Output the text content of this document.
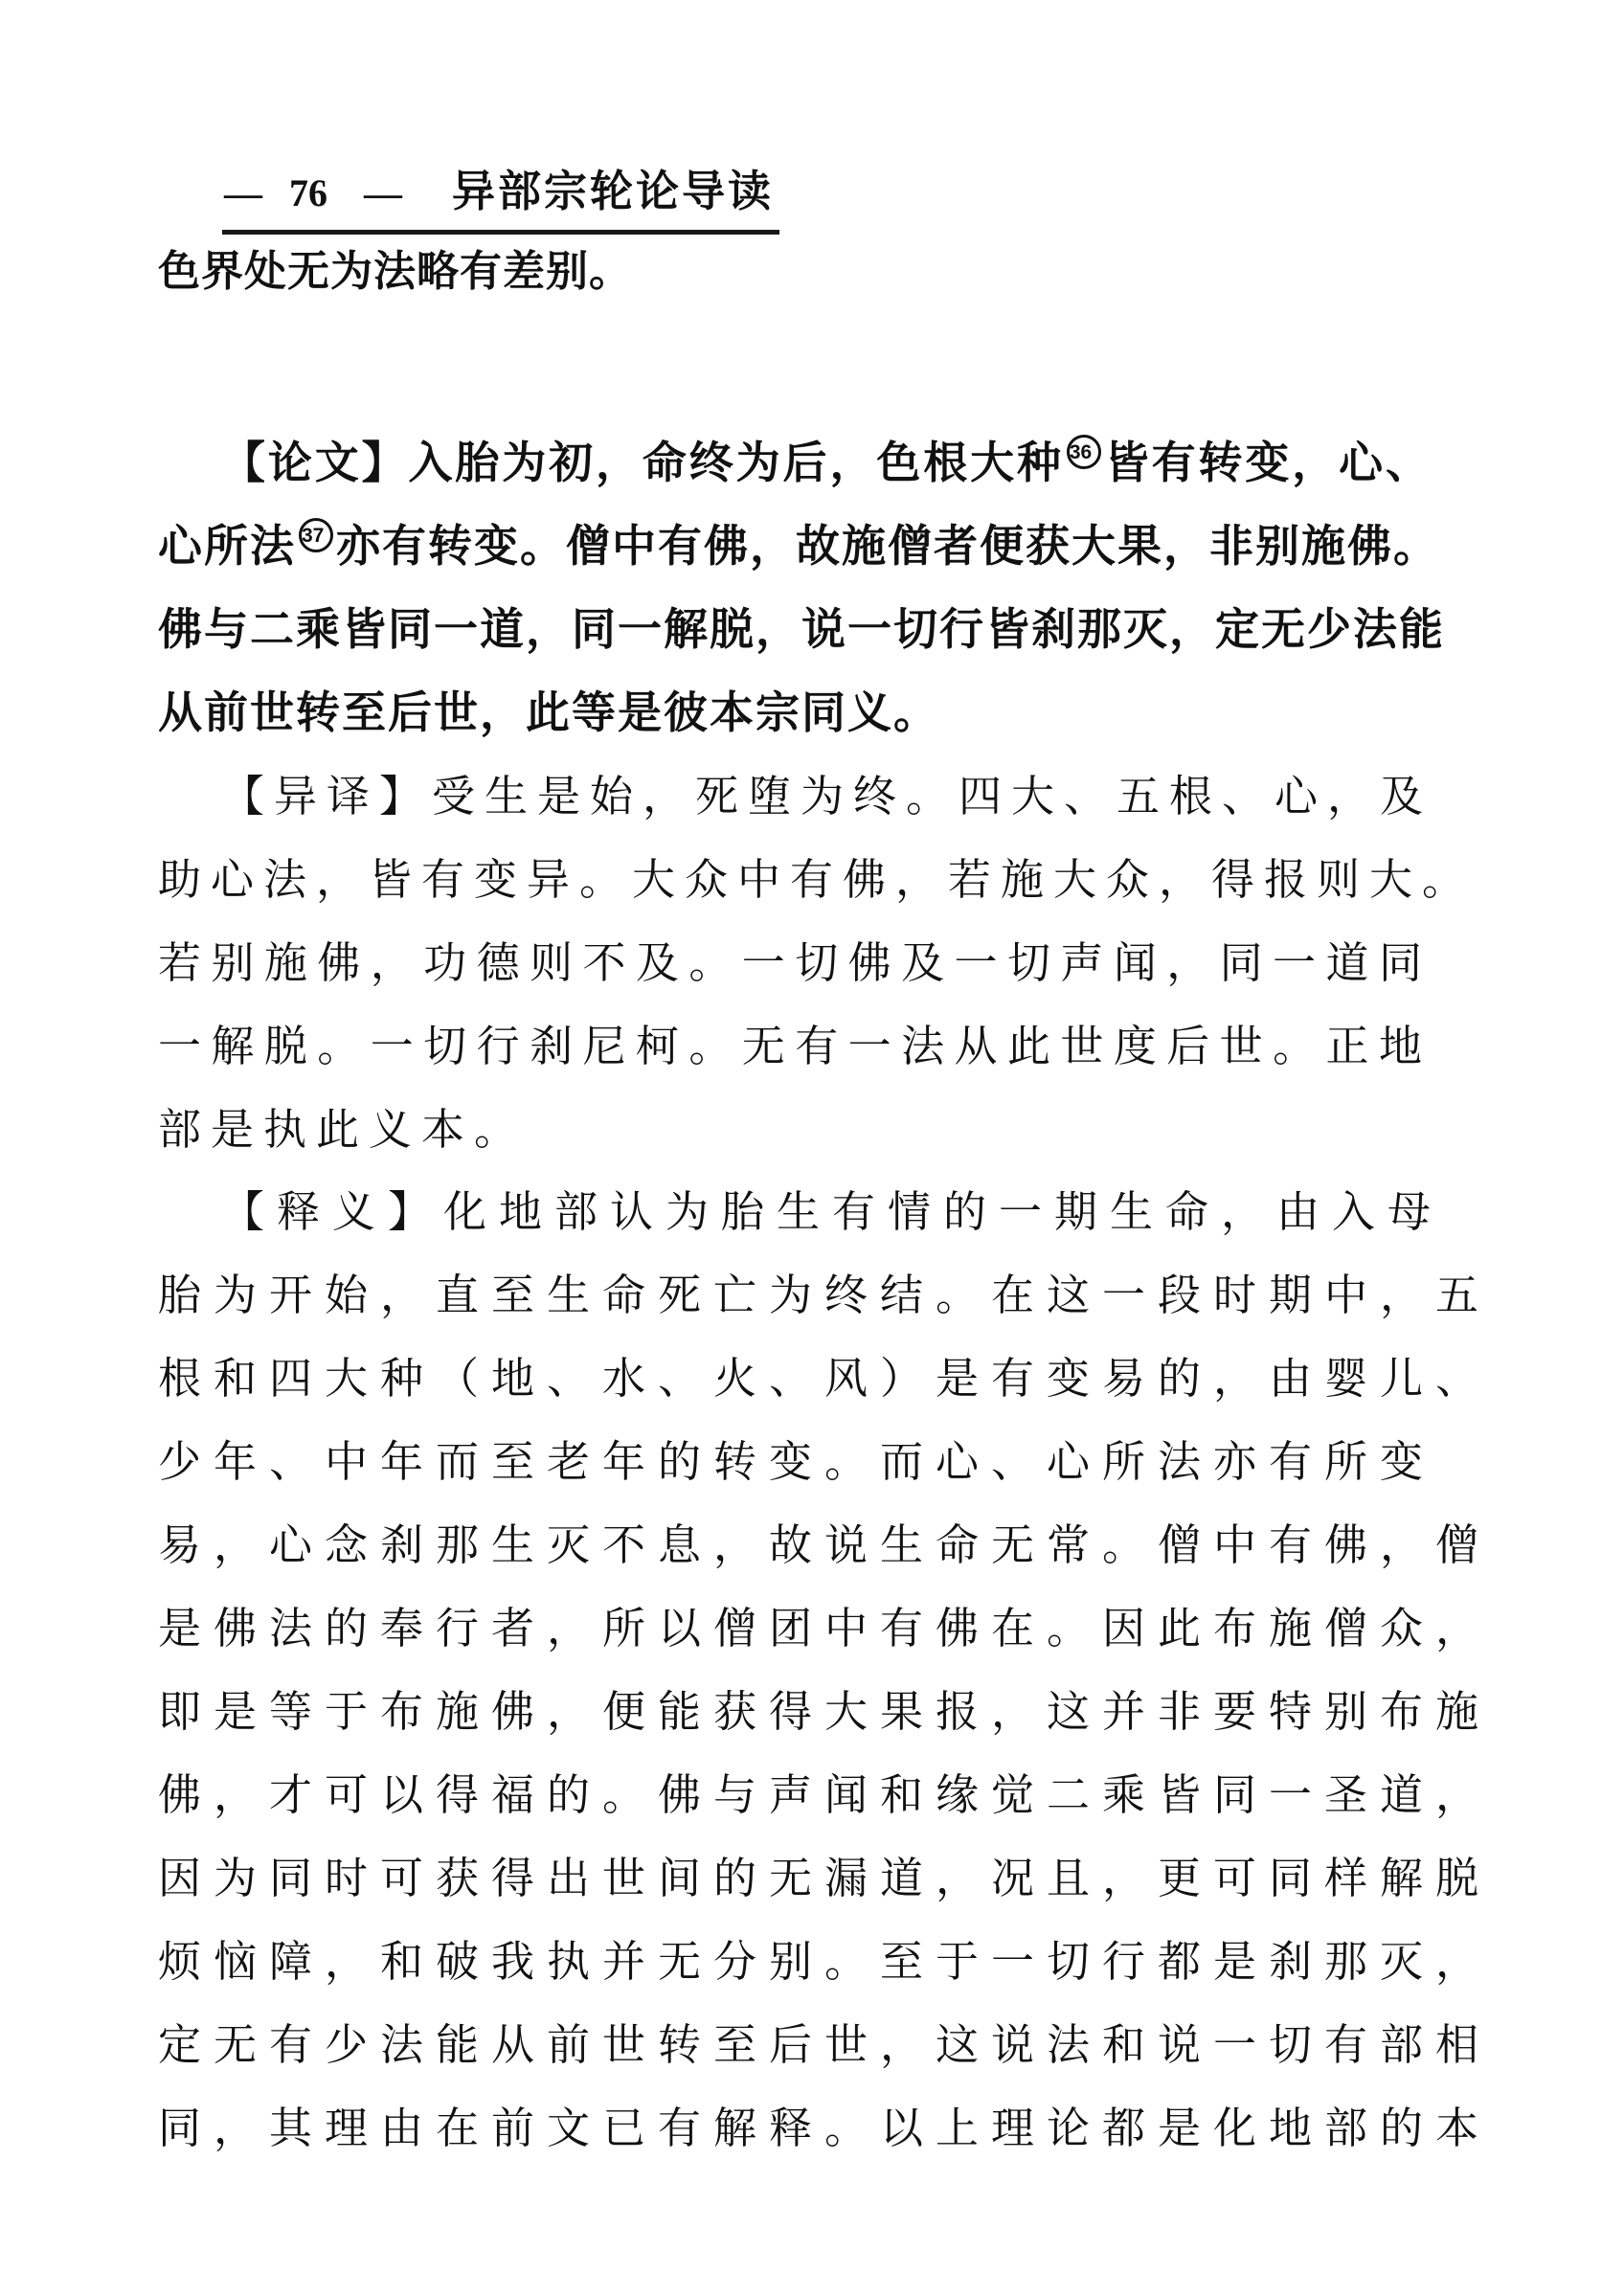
— 76 — 异部宗轮论导读

色界处无为法略有差别。

【论文】入胎为初，命终为后，色根大种 36 皆有转变，心、

心所法 37 亦有转变。僧中有佛，故施僧者便获大果，非别施佛。

佛与二乘皆同一道，同一解脱，说一切行皆刹那灭，定无少法能

从前世转至后世，此等是彼本宗同义。

【异译】受生是始，死堕为终。四大、五根、心，及

助心法，皆有变异。大众中有佛，若施大众，得报则大。

若别施佛，功德则不及。一切佛及一切声闻，同一道同

一解脱。一切行刹尼柯。无有一法从此世度后世。正地

部是执此义本。

【释义】化地部认为胎生有情的一期生命，由入母

胎为开始，直至生命死亡为终结。在这一段时期中，五

根和四大种（地、水、火、风）是有变易的，由婴儿、

少年、中年而至老年的转变。而心、心所法亦有所变

易，心念刹那生灭不息，故说生命无常。僧中有佛，僧

是佛法的奉行者，所以僧团中有佛在。因此布施僧众，

即是等于布施佛，便能获得大果报，这并非要特别布施

佛，才可以得福的。佛与声闻和缘觉二乘皆同一圣道，

因为同时可获得出世间的无漏道，况且，更可同样解脱

烦恼障，和破我执并无分别。至于一切行都是刹那灭，

定无有少法能从前世转至后世，这说法和说一切有部相

同，其理由在前文已有解释。以上理论都是化地部的本
